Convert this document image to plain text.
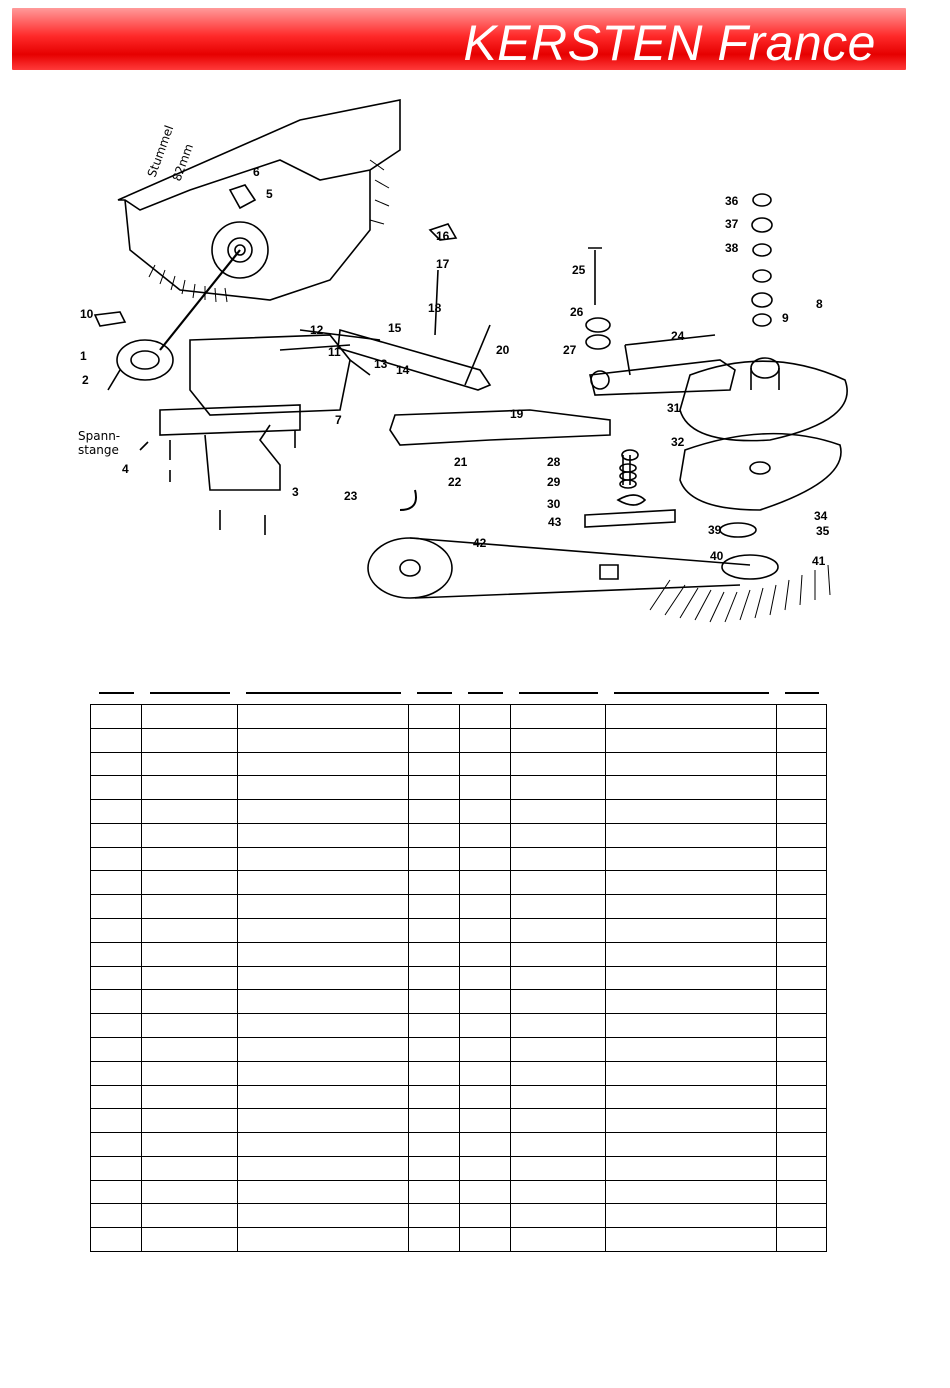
KERSTEN France
Stummel
82mm
Spann-
stange
1
2
3
4
5
6
7
8
9
10
11
12
13 14
15
16
17
18
19
20
21
22
23
24
25
26
27
28
29
30
31
32
34
35
36
37
38
39
40	41
42
43
